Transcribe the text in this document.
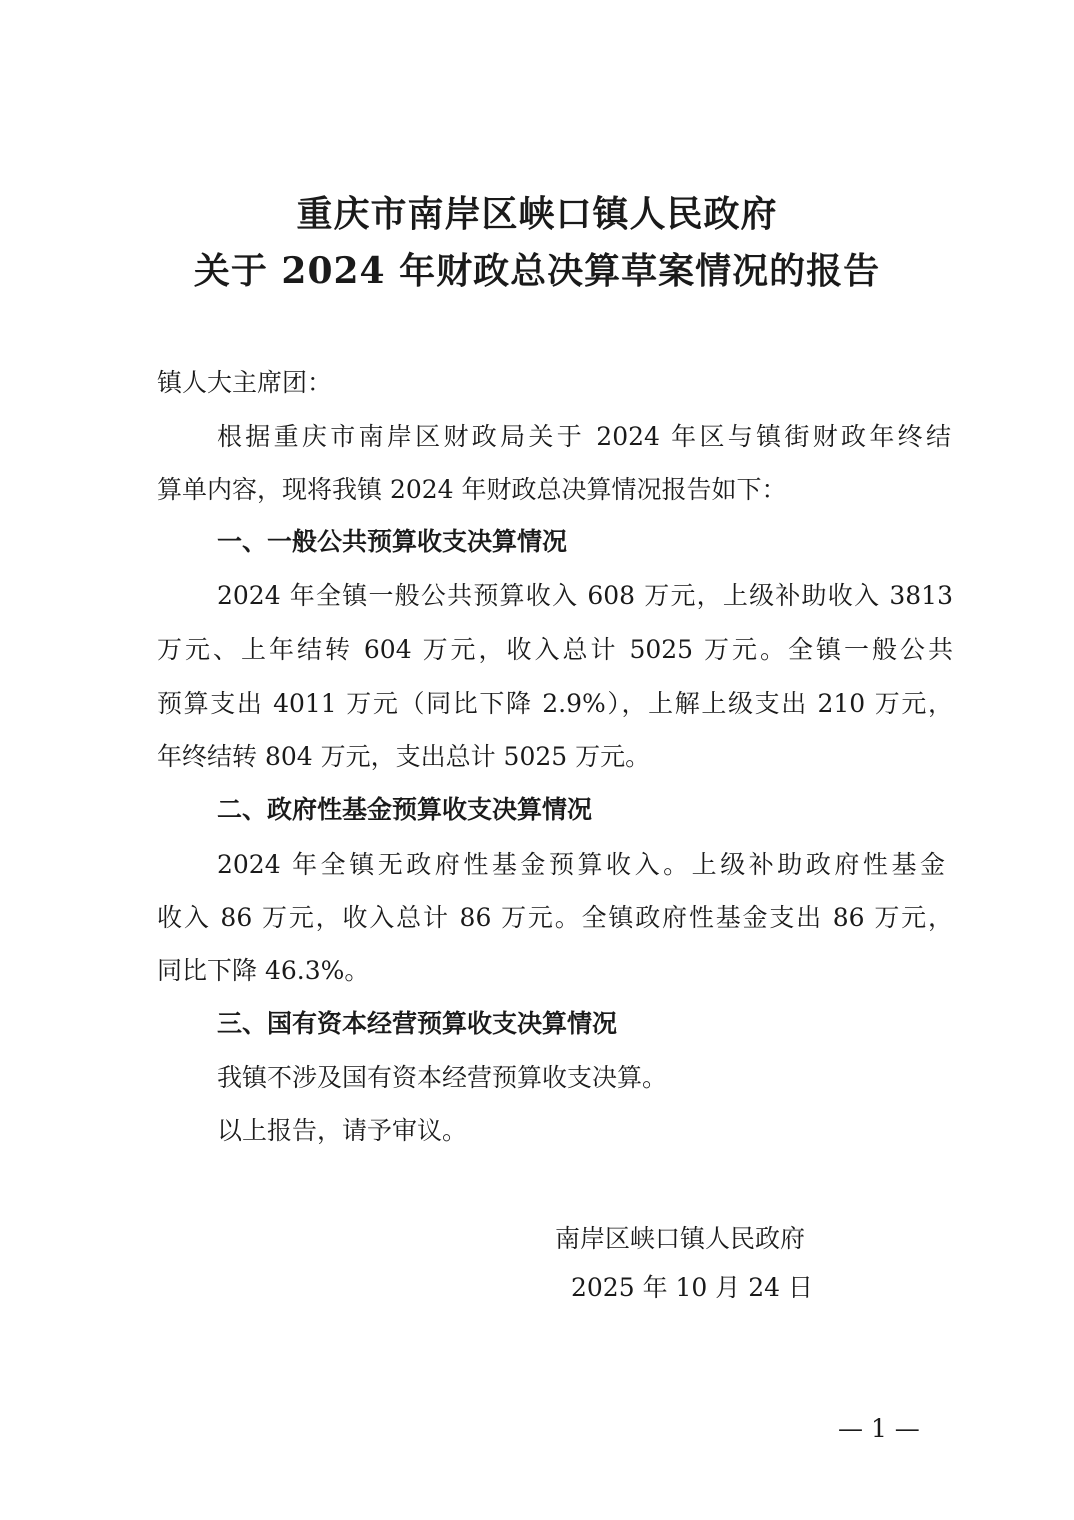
重庆市南岸区峡口镇人民政府
关于 2024 年财政总决算草案情况的报告
镇人大主席团：
根据重庆市南岸区财政局关于 2024 年区与镇街财政年终结
算单内容，现将我镇 2024 年财政总决算情况报告如下：
一、一般公共预算收支决算情况
2024 年全镇一般公共预算收入 608 万元，上级补助收入 3813
万元、上年结转 604 万元，收入总计 5025 万元。全镇一般公共
预算支出 4011 万元（同比下降 2.9%），上解上级支出 210 万元，
年终结转 804 万元，支出总计 5025 万元。
二、政府性基金预算收支决算情况
2024 年全镇无政府性基金预算收入。上级补助政府性基金
收入 86 万元，收入总计 86 万元。全镇政府性基金支出 86 万元，
同比下降 46.3%。
三、国有资本经营预算收支决算情况
我镇不涉及国有资本经营预算收支决算。
以上报告，请予审议。
南岸区峡口镇人民政府
2025 年 10 月 24 日
— 1 —
